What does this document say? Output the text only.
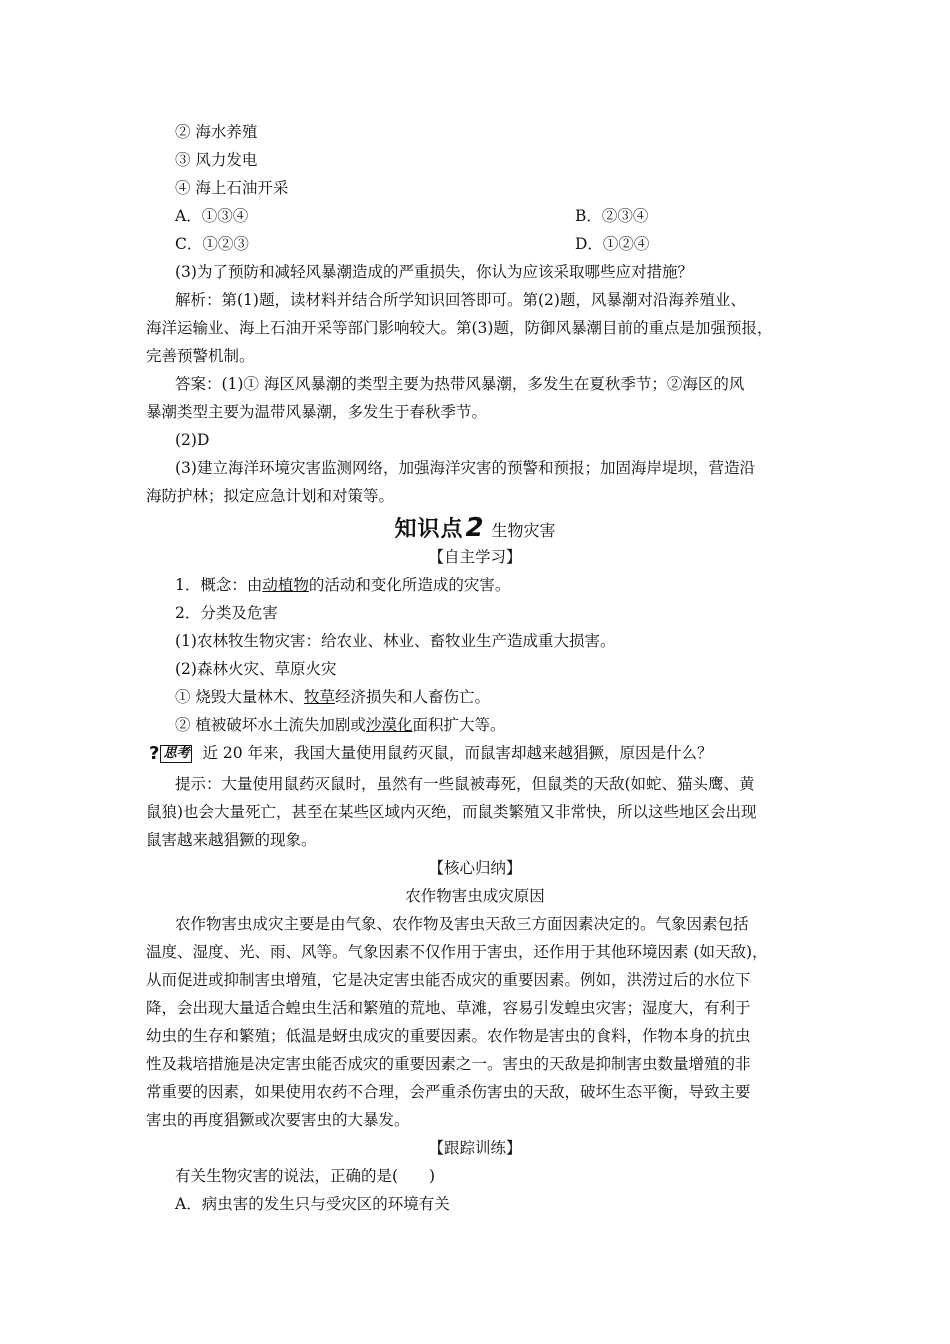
② 海水养殖
③ 风力发电
④ 海上石油开采
A．①③④	B．②③④
C．①②③	D．①②④
(3)为了预防和减轻风暴潮造成的严重损失，你认为应该采取哪些应对措施？
解析：第(1)题，读材料并结合所学知识回答即可。第(2)题，风暴潮对沿海养殖业、
海洋运输业、海上石油开采等部门影响较大。第(3)题，防御风暴潮目前的重点是加强预报，
完善预警机制。
答案：(1)① 海区风暴潮的类型主要为热带风暴潮，多发生在夏秋季节；②海区的风
暴潮类型主要为温带风暴潮，多发生于春秋季节。
(2)D
(3)建立海洋环境灾害监测网络，加强海洋灾害的预警和预报；加固海岸堤坝，营造沿
海防护林；拟定应急计划和对策等。
知识点2 生物灾害
【自主学习】
1．概念：由动植物的活动和变化所造成的灾害。
2．分类及危害
(1)农林牧生物灾害：给农业、林业、畜牧业生产造成重大损害。
(2)森林火灾、草原火灾
① 烧毁大量林木、牧草经济损失和人畜伤亡。
② 植被破坏水土流失加剧或沙漠化面积扩大等。
? 思考 近 20 年来，我国大量使用鼠药灭鼠，而鼠害却越来越猖獗，原因是什么？
提示：大量使用鼠药灭鼠时，虽然有一些鼠被毒死，但鼠类的天敌(如蛇、猫头鹰、黄
鼠狼)也会大量死亡，甚至在某些区域内灭绝，而鼠类繁殖又非常快，所以这些地区会出现
鼠害越来越猖獗的现象。
【核心归纳】
农作物害虫成灾原因
农作物害虫成灾主要是由气象、农作物及害虫天敌三方面因素决定的。气象因素包括
温度、湿度、光、雨、风等。气象因素不仅作用于害虫，还作用于其他环境因素 (如天敌)，
从而促进或抑制害虫增殖，它是决定害虫能否成灾的重要因素。例如，洪涝过后的水位下
降，会出现大量适合蝗虫生活和繁殖的荒地、草滩，容易引发蝗虫灾害；湿度大，有利于
幼虫的生存和繁殖；低温是蚜虫成灾的重要因素。农作物是害虫的食料，作物本身的抗虫
性及栽培措施是决定害虫能否成灾的重要因素之一。害虫的天敌是抑制害虫数量增殖的非
常重要的因素，如果使用农药不合理，会严重杀伤害虫的天敌，破坏生态平衡，导致主要
害虫的再度猖獗或次要害虫的大暴发。
【跟踪训练】
有关生物灾害的说法，正确的是(　　)
A．病虫害的发生只与受灾区的环境有关
